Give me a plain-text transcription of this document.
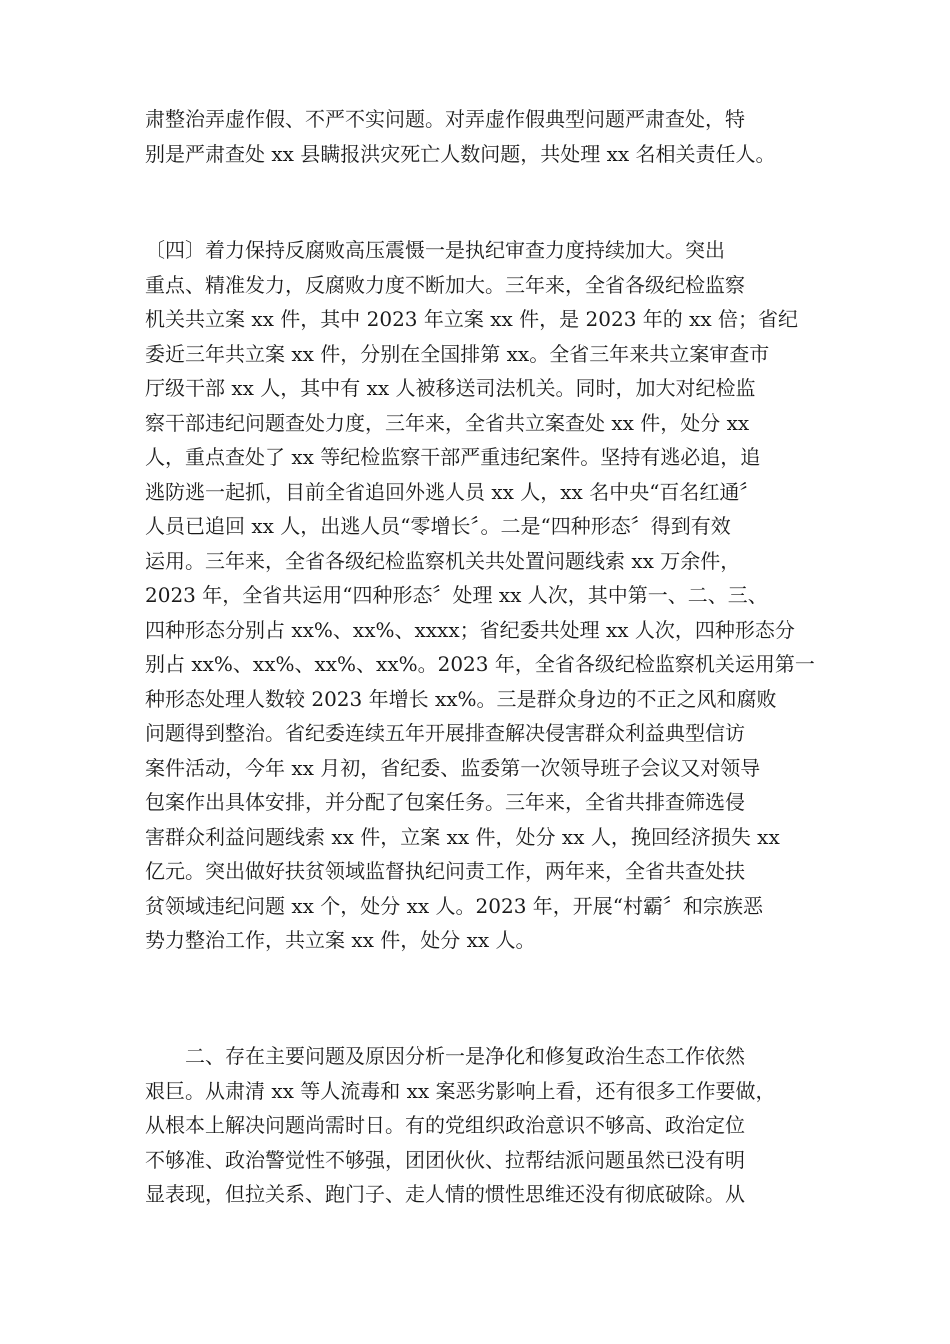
肃整治弄虚作假、不严不实问题。对弄虚作假典型问题严肃查处，特
别是严肃查处 xx 县瞒报洪灾死亡人数问题，共处理 xx 名相关责任人。
〔四〕着力保持反腐败高压震慑一是执纪审查力度持续加大。突出
重点、精准发力，反腐败力度不断加大。三年来，全省各级纪检监察
机关共立案 xx 件，其中 2023 年立案 xx 件，是 2023 年的 xx 倍；省纪
委近三年共立案 xx 件，分别在全国排第 xx。全省三年来共立案审查市
厅级干部 xx 人，其中有 xx 人被移送司法机关。同时，加大对纪检监
察干部违纪问题查处力度，三年来，全省共立案查处 xx 件，处分 xx
人，重点查处了 xx 等纪检监察干部严重违纪案件。坚持有逃必追，追
逃防逃一起抓，目前全省追回外逃人员 xx 人，xx 名中央“百名红通〞
人员已追回 xx 人，出逃人员“零增长〞。二是“四种形态〞得到有效
运用。三年来，全省各级纪检监察机关共处置问题线索 xx 万余件，
2023 年，全省共运用“四种形态〞处理 xx 人次，其中第一、二、三、
四种形态分别占 xx%、xx%、xxxx；省纪委共处理 xx 人次，四种形态分
别占 xx%、xx%、xx%、xx%。2023 年，全省各级纪检监察机关运用第一
种形态处理人数较 2023 年增长 xx%。三是群众身边的不正之风和腐败
问题得到整治。省纪委连续五年开展排查解决侵害群众利益典型信访
案件活动，今年 xx 月初，省纪委、监委第一次领导班子会议又对领导
包案作出具体安排，并分配了包案任务。三年来，全省共排查筛选侵
害群众利益问题线索 xx 件，立案 xx 件，处分 xx 人，挽回经济损失 xx
亿元。突出做好扶贫领域监督执纪问责工作，两年来，全省共查处扶
贫领域违纪问题 xx 个，处分 xx 人。2023 年，开展“村霸〞和宗族恶
势力整治工作，共立案 xx 件，处分 xx 人。
　　二、存在主要问题及原因分析一是净化和修复政治生态工作依然
艰巨。从肃清 xx 等人流毒和 xx 案恶劣影响上看，还有很多工作要做，
从根本上解决问题尚需时日。有的党组织政治意识不够高、政治定位
不够准、政治警觉性不够强，团团伙伙、拉帮结派问题虽然已没有明
显表现，但拉关系、跑门子、走人情的惯性思维还没有彻底破除。从
